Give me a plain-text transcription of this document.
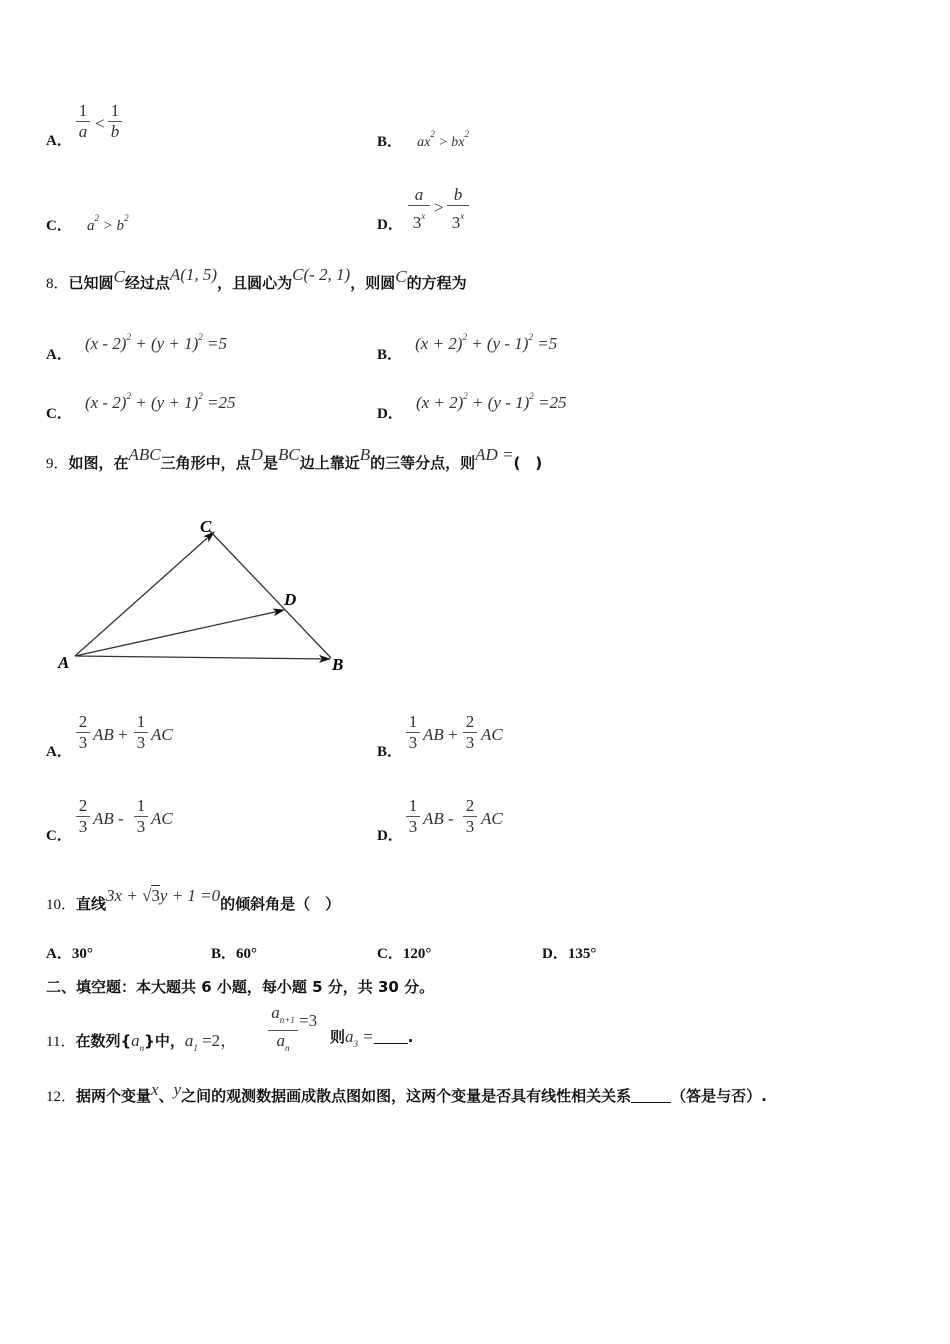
A．
1
a <
1
b
B． $ax^2 > bx^2$
C． $a^2 > b^2$	D．
a
$3^x$ >
b
3$^x$
8．已知圆C经过点A(1, 5)，且圆心为C(- 2, 1)，则圆C的方程为
A． $(x - 2)^2 + (y + 1)^2 =5$
B． $(x + 2)^2 + (y - 1)^2 =5$
C． $(x - 2)^2 + (y + 1)^2 =25$
D． $(x + 2)^2 + (y - 1)^2 =25$
9．如图，在ABC三角形中，点D是BC边上靠近B的三等分点，则AD =(　)
A	B
C
D
A．
2
3 AB +
1
3 AC
B．
1
3 AB +
2
3 AC
C．
2
3 AB -
1
3 AC
D．
1
3 AB -
2
3 AC
10．直线3x + √3y + 1 =0的倾斜角是（　）
A．30°	B．60°	C．120°	D．135°
二、填空题：本大题共 6 小题，每小题 5 分，共 30 分。
11．在数列$\{a_n\}$中，$a_1 =2$，
$a_{n+1}$
$a_n$
=3
则$a_3$ = .
12．据两个变量x、y之间的观测数据画成散点图如图，这两个变量是否具有线性相关关系	（答是与否）.
